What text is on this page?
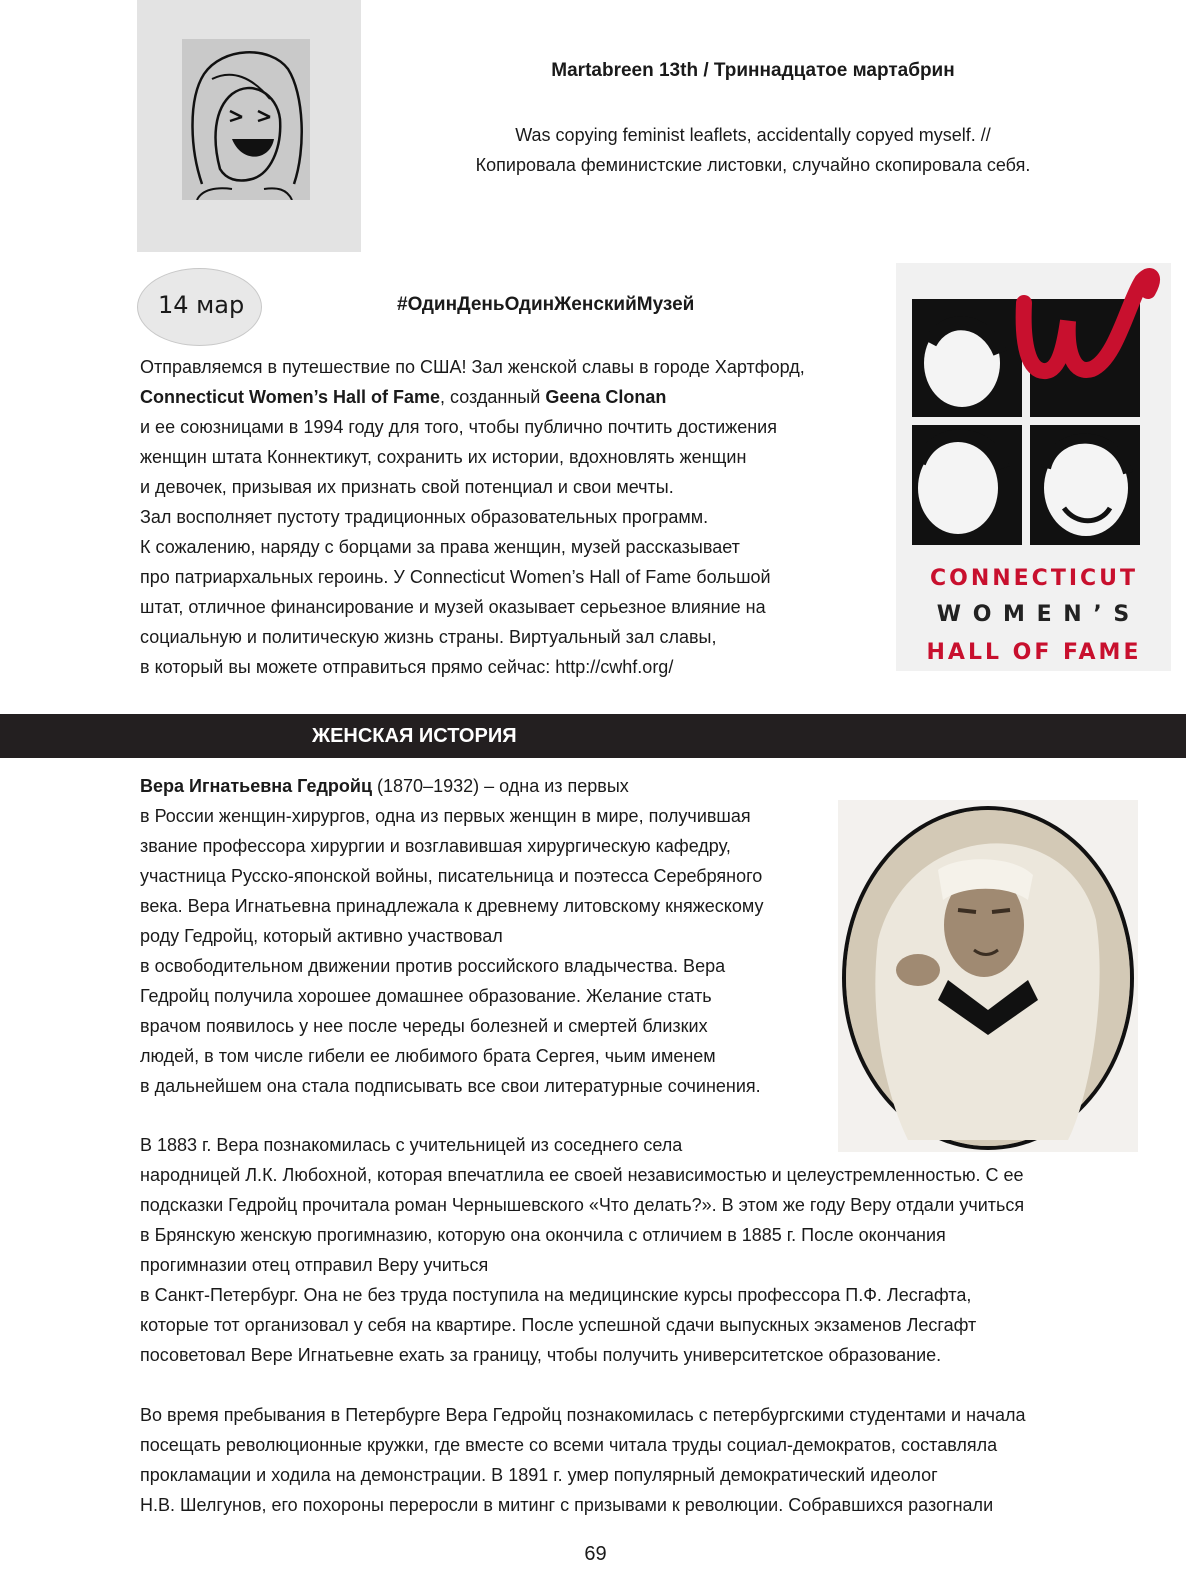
Martabreen 13th / Триннадцатое мартабрин
Was copying feminist leaflets, accidentally copyed myself. //
Копировала феминистские листовки, случайно скопировала себя.
14 мар	#ОдинДеньОдинЖенскийМузей
Отправляемся в путешествие по США! Зал женской славы в городе Хартфорд,
Connecticut Women’s Hall of Fame, созданный Geena Clonan
и ее союзницами в 1994 году для того, чтобы публично почтить достижения
женщин штата Коннектикут, сохранить их истории, вдохновлять женщин
и девочек, призывая их признать свой потенциал и свои мечты.
Зал восполняет пустоту традиционных образовательных программ.
К сожалению, наряду с борцами за права женщин, музей рассказывает
про патриархальных героинь. У Connecticut Women’s Hall of Fame большой
штат, отличное финансирование и музей оказывает серьезное влияние на
социальную и политическую жизнь страны. Виртуальный зал славы,
в который вы можете отправиться прямо сейчас: http://cwhf.org/
CONNECTICUT
W O M E N ’ S
HALL OF FAME
ЖЕНСКАЯ ИСТОРИЯ
Вера Игнатьевна Гедройц (1870–1932) – одна из первых
в России женщин-хирургов, одна из первых женщин в мире, получившая
звание профессора хирургии и возглавившая хирургическую кафедру,
участница Русско-японской войны, писательница и поэтесса Серебряного
века. Вера Игнатьевна принадлежала к древнему литовскому княжескому
роду Гедройц, который активно участвовал
в освободительном движении против российского владычества. Вера
Гедройц получила хорошее домашнее образование. Желание стать
врачом появилось у нее после череды болезней и смертей близких
людей, в том числе гибели ее любимого брата Сергея, чьим именем
в дальнейшем она стала подписывать все свои литературные сочинения.
В 1883 г. Вера познакомилась с учительницей из соседнего села
народницей Л.К. Любохной, которая впечатлила ее своей независимостью и целеустремленностью. С ее
подсказки Гедройц прочитала роман Чернышевского «Что делать?». В этом же году Веру отдали учиться
в Брянскую женскую прогимназию, которую она окончила с отличием в 1885 г. После окончания
прогимназии отец отправил Веру учиться
в Санкт-Петербург. Она не без труда поступила на медицинские курсы профессора П.Ф. Лесгафта,
которые тот организовал у себя на квартире. После успешной сдачи выпускных экзаменов Лесгафт
посоветовал Вере Игнатьевне ехать за границу, чтобы получить университетское образование.
Во время пребывания в Петербурге Вера Гедройц познакомилась с петербургскими студентами и начала
посещать революционные кружки, где вместе со всеми читала труды социал-демократов, составляла
прокламации и ходила на демонстрации. В 1891 г. умер популярный демократический идеолог
Н.В. Шелгунов, его похороны переросли в митинг с призывами к революции. Собравшихся разогнали
69
